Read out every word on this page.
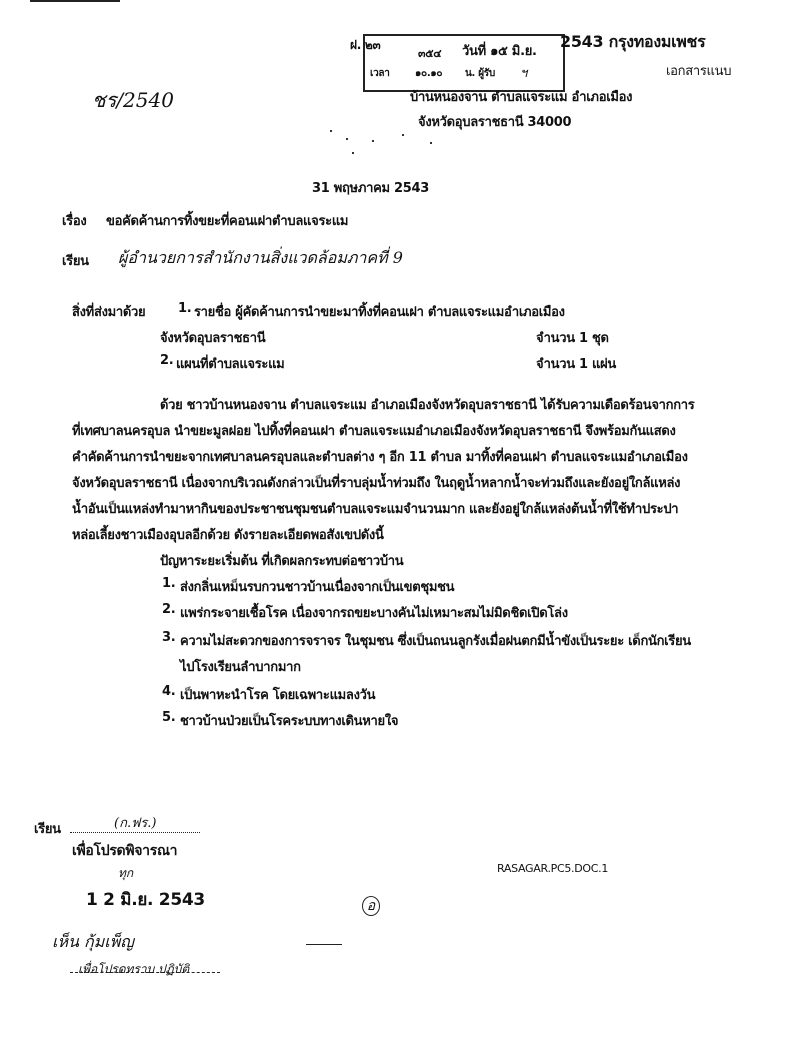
ฝ. ๒๓
๓๕๔ วันที่ ๑๕ มิ.ย.
เวลา	๑๐.๑๐ น. ผู้รับ
2543 กรุงทองมเพชร
ฯ	เอกสารแนบ
ชร/2540	บ้านหนองจาน ตำบลแจระแม อำเภอเมือง
จังหวัดอุบลราชธานี 34000
31 พฤษภาคม 2543
เรื่อง ขอคัดค้านการทิ้งขยะที่คอนเฝาตำบลแจระแม
เรียน ผู้อำนวยการสำนักงานสิ่งแวดล้อมภาคที่ 9
สิ่งที่ส่งมาด้วย	1. รายชื่อ ผู้คัดค้านการนำขยะมาทิ้งที่คอนเฝา ตำบลแจระแมอำเภอเมือง
จังหวัดอุบลราชธานี	จำนวน 1 ชุด
2. แผนที่ตำบลแจระแม	จำนวน 1 แผ่น
ด้วย ชาวบ้านหนองจาน ตำบลแจระแม อำเภอเมืองจังหวัดอุบลราชธานี ได้รับความเดือดร้อนจากการ
ที่เทศบาลนครอุบล นำขยะมูลฝอย ไปทิ้งที่คอนเฝา ตำบลแจระแมอำเภอเมืองจังหวัดอุบลราชธานี จึงพร้อมกันแสดง
คำคัดค้านการนำขยะจากเทศบาลนครอุบลและตำบลต่าง ๆ อีก 11 ตำบล มาทิ้งที่คอนเฝา ตำบลแจระแมอำเภอเมือง
จังหวัดอุบลราชธานี เนื่องจากบริเวณดังกล่าวเป็นที่ราบลุ่มน้ำท่วมถึง ในฤดูน้ำหลากน้ำจะท่วมถึงและยังอยู่ใกล้แหล่ง
น้ำอันเป็นแหล่งทำมาหากินของประชาชนชุมชนตำบลแจระแมจำนวนมาก และยังอยู่ใกล้แหล่งต้นน้ำที่ใช้ทำประปา
หล่อเลี้ยงชาวเมืองอุบลอีกด้วย ดังรายละเอียดพอสังเขปดังนี้
ปัญหาระยะเริ่มต้น ที่เกิดผลกระทบต่อชาวบ้าน
1. ส่งกลิ่นเหม็นรบกวนชาวบ้านเนื่องจากเป็นเขตชุมชน
2. แพร่กระจายเชื้อโรค เนื่องจากรถขยะบางคันไม่เหมาะสมไม่มิดชิดเปิดโล่ง
3. ความไม่สะดวกของการจราจร ในชุมชน ซึ่งเป็นถนนลูกรังเมื่อฝนตกมีน้ำขังเป็นระยะ เด็กนักเรียน
ไปโรงเรียนลำบากมาก
4. เป็นพาหะนำโรค โดยเฉพาะแมลงวัน
5. ชาวบ้านป่วยเป็นโรคระบบทางเดินหายใจ
เรียน	(ก.ฟร.)
เพื่อโปรดพิจารณา
ทุก
1 2 มิ.ย. 2543
เห็น กุ้มเพ็ญ
เพื่อโปรดทราบ ปฏิบัติ
อ
RASAGAR.PC5.DOC.1
